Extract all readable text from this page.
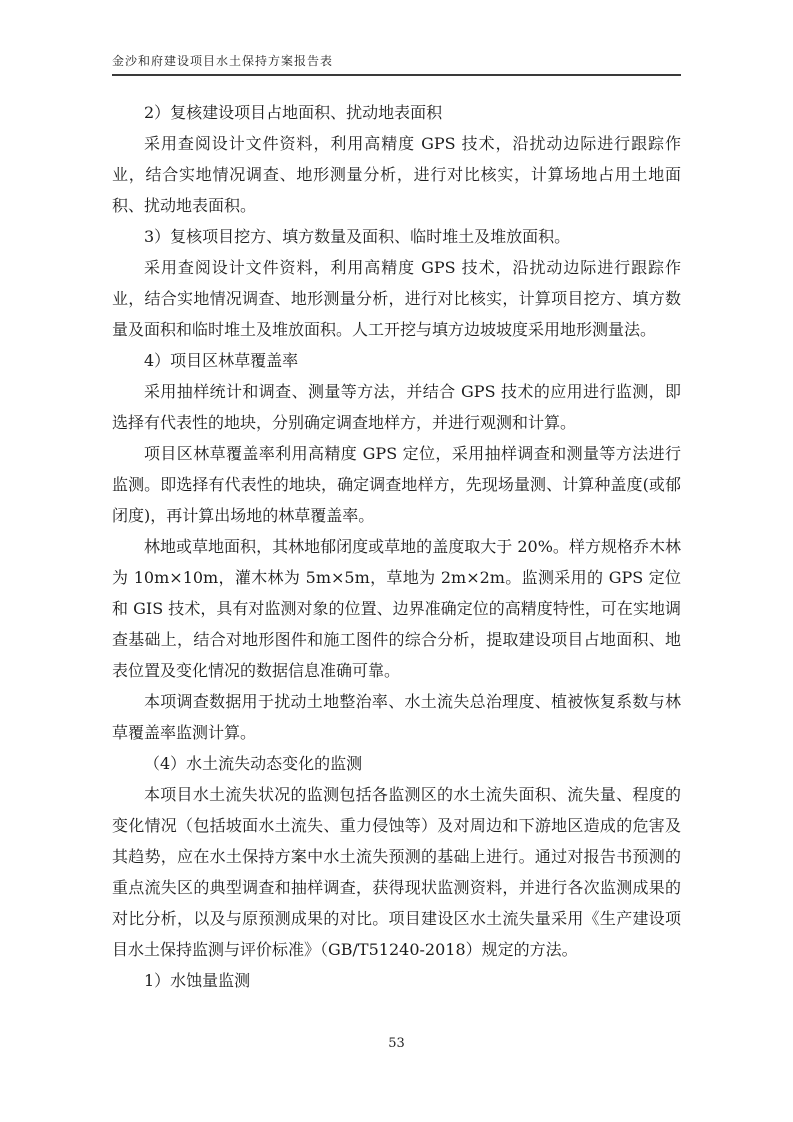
金沙和府建设项目水土保持方案报告表

2）复核建设项目占地面积、扰动地表面积

采用查阅设计文件资料，利用高精度 GPS 技术，沿扰动边际进行跟踪作业，结合实地情况调查、地形测量分析，进行对比核实，计算场地占用土地面积、扰动地表面积。

3）复核项目挖方、填方数量及面积、临时堆土及堆放面积。

采用查阅设计文件资料，利用高精度 GPS 技术，沿扰动边际进行跟踪作业，结合实地情况调查、地形测量分析，进行对比核实，计算项目挖方、填方数量及面积和临时堆土及堆放面积。人工开挖与填方边坡坡度采用地形测量法。

4）项目区林草覆盖率

采用抽样统计和调查、测量等方法，并结合 GPS 技术的应用进行监测，即选择有代表性的地块，分别确定调查地样方，并进行观测和计算。

项目区林草覆盖率利用高精度 GPS 定位，采用抽样调查和测量等方法进行监测。即选择有代表性的地块，确定调查地样方，先现场量测、计算种盖度(或郁闭度)，再计算出场地的林草覆盖率。

林地或草地面积，其林地郁闭度或草地的盖度取大于 20%。样方规格乔木林为 10m×10m，灌木林为 5m×5m，草地为 2m×2m。监测采用的 GPS 定位和 GIS 技术，具有对监测对象的位置、边界准确定位的高精度特性，可在实地调查基础上，结合对地形图件和施工图件的综合分析，提取建设项目占地面积、地表位置及变化情况的数据信息准确可靠。

本项调查数据用于扰动土地整治率、水土流失总治理度、植被恢复系数与林草覆盖率监测计算。

（4）水土流失动态变化的监测

本项目水土流失状况的监测包括各监测区的水土流失面积、流失量、程度的变化情况（包括坡面水土流失、重力侵蚀等）及对周边和下游地区造成的危害及其趋势，应在水土保持方案中水土流失预测的基础上进行。通过对报告书预测的重点流失区的典型调查和抽样调查，获得现状监测资料，并进行各次监测成果的对比分析，以及与原预测成果的对比。项目建设区水土流失量采用《生产建设项目水土保持监测与评价标准》（GB/T51240-2018）规定的方法。

1）水蚀量监测

53
